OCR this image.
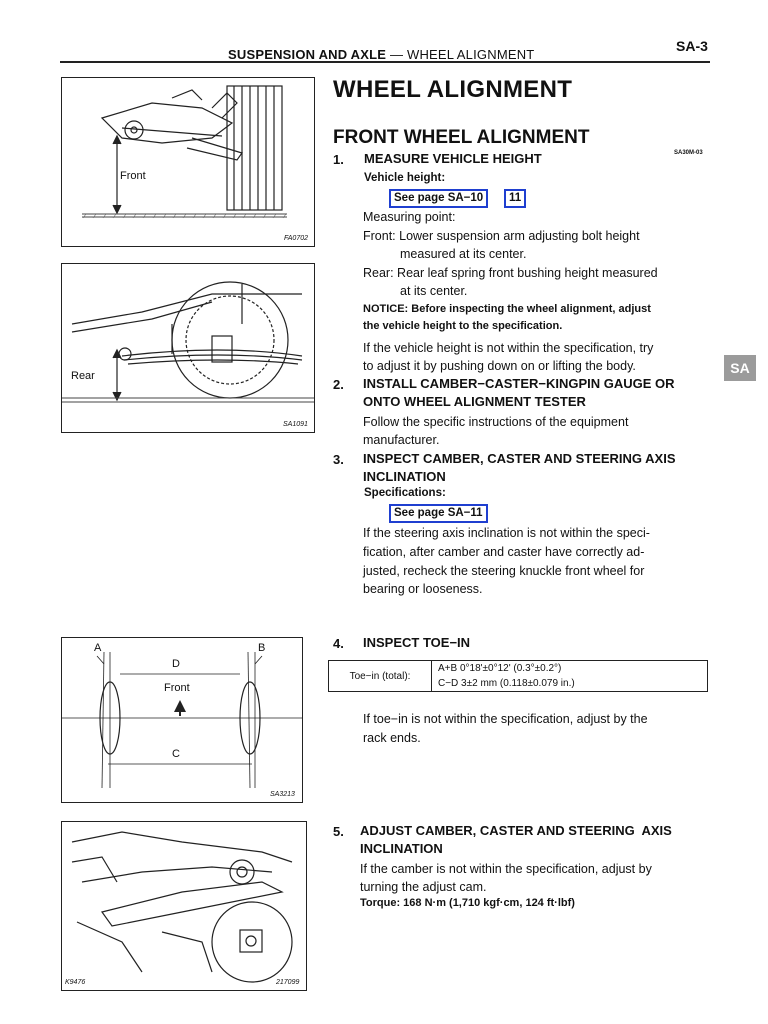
SUSPENSION AND AXLE — WHEEL ALIGNMENT
SA-3
WHEEL ALIGNMENT
FRONT WHEEL ALIGNMENT
SA30M-03
SA
Front
FA0702
Rear
SA1091
A	B
D
Front
C
SA3213
K9476	217099
1. MEASURE VEHICLE HEIGHT
Vehicle height:
See page SA−10	11
Measuring point:
Front: Lower suspension arm adjusting bolt height
measured at its center.
Rear: Rear leaf spring front bushing height measured
at its center.
NOTICE: Before inspecting the wheel alignment, adjust
the vehicle height to the specification.
If the vehicle height is not within the specification, try
to adjust it by pushing down on or lifting the body.
2. INSTALL CAMBER−CASTER−KINGPIN GAUGE OR
ONTO WHEEL ALIGNMENT TESTER
Follow the specific instructions of the equipment
manufacturer.
3. INSPECT CAMBER, CASTER AND STEERING AXIS
INCLINATION
Specifications:
See page SA−11
If the steering axis inclination is not within the speci-
fication, after camber and caster have correctly ad-
justed, recheck the steering knuckle front wheel for
bearing or looseness.
4. INSPECT TOE−IN
Toe−in (total):	A+B 0°18'±0°12' (0.3°±0.2°)
C−D 3±2 mm (0.118±0.079 in.)
If toe−in is not within the specification, adjust by the
rack ends.
5. ADJUST CAMBER, CASTER AND STEERING  AXIS
INCLINATION
If the camber is not within the specification, adjust by
turning the adjust cam.
Torque: 168 N·m (1,710 kgf·cm, 124 ft·lbf)
